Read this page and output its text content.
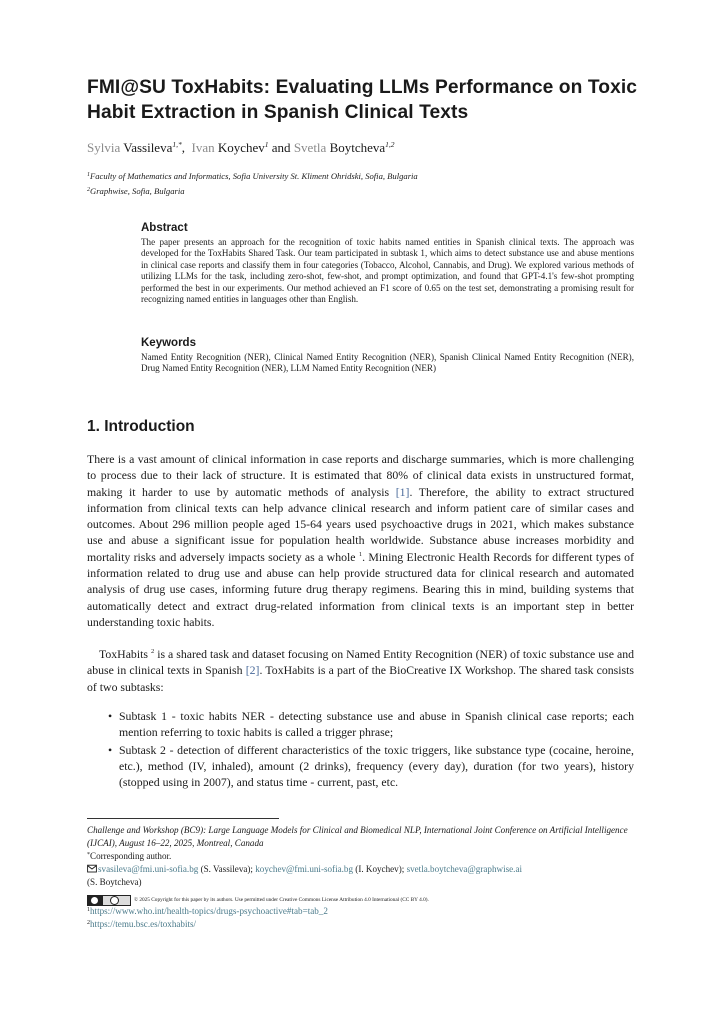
FMI@SU ToxHabits: Evaluating LLMs Performance on Toxic Habit Extraction in Spanish Clinical Texts
Sylvia Vassileva$^{1,*}$,  Ivan Koychev$^1$ and Svetla Boytcheva$^{1,2}$
$^1$Faculty of Mathematics and Informatics, Sofia University St. Kliment Ohridski, Sofia, Bulgaria
$^2$Graphwise, Sofia, Bulgaria
Abstract

The paper presents an approach for the recognition of toxic habits named entities in Spanish clinical texts. The approach was developed for the ToxHabits Shared Task. Our team participated in subtask 1, which aims to detect substance use and abuse mentions in clinical case reports and classify them in four categories (Tobacco, Alcohol, Cannabis, and Drug). We explored various methods of utilizing LLMs for the task, including zero-shot, few-shot, and prompt optimization, and found that GPT-4.1's few-shot prompting performed the best in our experiments. Our method achieved an F1 score of 0.65 on the test set, demonstrating a promising result for recognizing named entities in languages other than English.

Keywords

Named Entity Recognition (NER), Clinical Named Entity Recognition (NER), Spanish Clinical Named Entity Recognition (NER), Drug Named Entity Recognition (NER), LLM Named Entity Recognition (NER)

1. Introduction

There is a vast amount of clinical information in case reports and discharge summaries, which is more challenging to process due to their lack of structure. It is estimated that 80% of clinical data exists in unstructured format, making it harder to use by automatic methods of analysis [1]. Therefore, the ability to extract structured information from clinical texts can help advance clinical research and inform patient care of similar cases and outcomes. About 296 million people aged 15-64 years used psychoactive drugs in 2021, which makes substance use and abuse a significant issue for population health worldwide. Substance abuse increases morbidity and mortality risks and adversely impacts society as a whole $^1$. Mining Electronic Health Records for different types of information related to drug use and abuse can help provide structured data for clinical research and automated analysis of drug use cases, informing future drug therapy regimens. Bearing this in mind, building systems that automatically detect and extract drug-related information from clinical texts is an important step in better understanding toxic habits.

ToxHabits $^2$ is a shared task and dataset focusing on Named Entity Recognition (NER) of toxic substance use and abuse in clinical texts in Spanish [2]. ToxHabits is a part of the BioCreative IX Workshop. The shared task consists of two subtasks:

• Subtask 1 - toxic habits NER - detecting substance use and abuse in Spanish clinical case reports; each mention referring to toxic habits is called a trigger phrase;
• Subtask 2 - detection of different characteristics of the toxic triggers, like substance type (cocaine, heroine, etc.), method (IV, inhaled), amount (2 drinks), frequency (every day), duration (for two years), history (stopped using in 2007), and status time - current, past, etc.

Challenge and Workshop (BC9): Large Language Models for Clinical and Biomedical NLP, International Joint Conference on Artificial Intelligence (IJCAI), August 16–22, 2025, Montreal, Canada

*Corresponding author.

svasileva@fmi.uni-sofia.bg (S. Vassileva); koychev@fmi.uni-sofia.bg (I. Koychev); svetla.boytcheva@graphwise.ai
(S. Boytcheva)

© 2025 Copyright for this paper by its authors. Use permitted under Creative Commons License Attribution 4.0 International (CC BY 4.0).

$^1$https://www.who.int/health-topics/drugs-psychoactive#tab=tab_2

$^2$https://temu.bsc.es/toxhabits/
